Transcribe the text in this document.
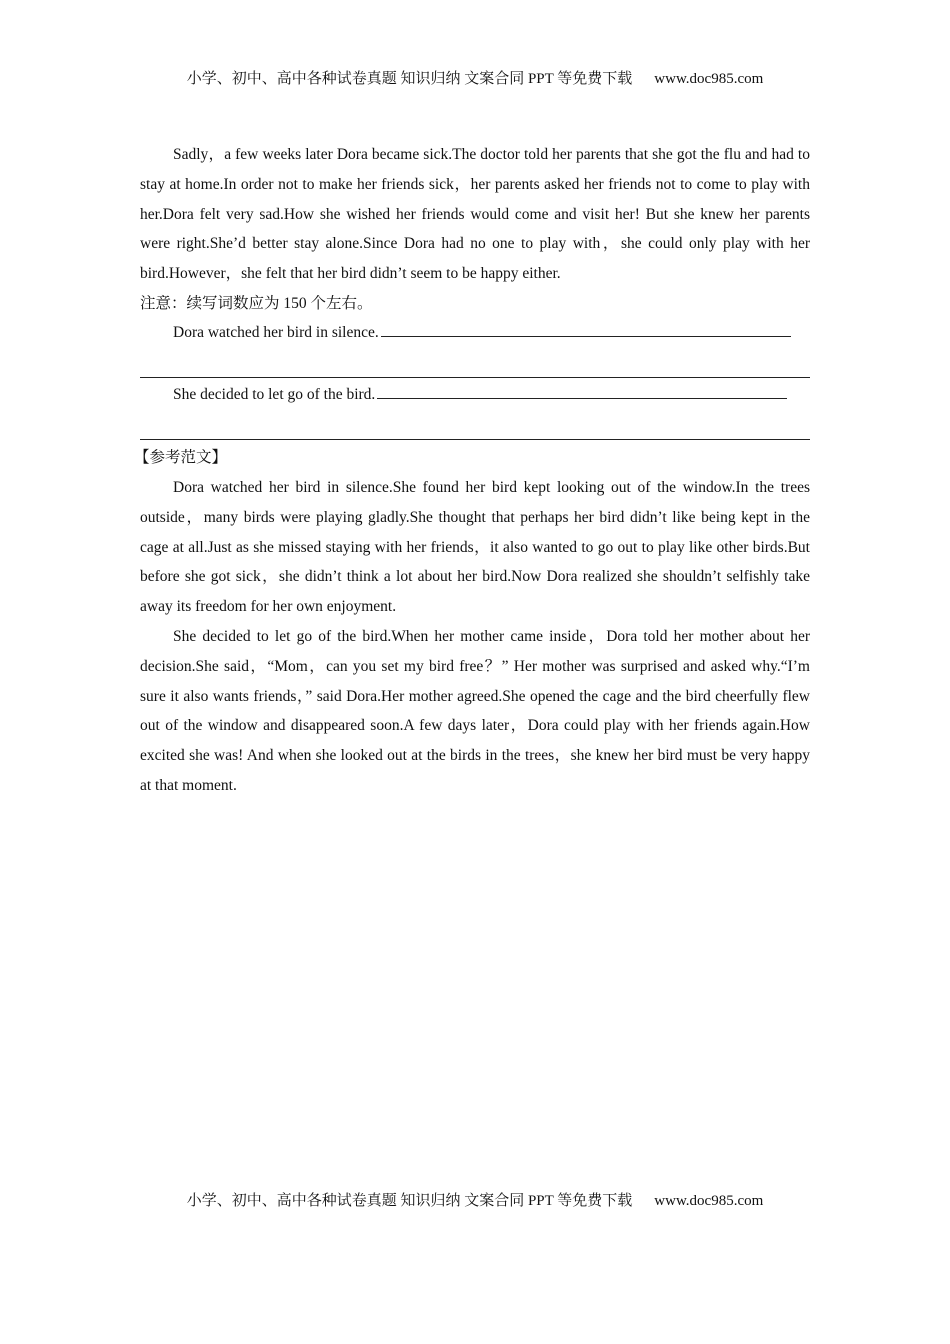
小学、初中、高中各种试卷真题 知识归纳 文案合同 PPT 等免费下载 www.doc985.com

Sadly，a few weeks later Dora became sick.The doctor told her parents that she got the flu and had to stay at home.In order not to make her friends sick，her parents asked her friends not to come to play with her.Dora felt very sad.How she wished her friends would come and visit her! But she knew her parents were right.She’d better stay alone.Since Dora had no one to play with，she could only play with her bird.However，she felt that her bird didn’t seem to be happy either.

注意：续写词数应为 150 个左右。

Dora watched her bird in silence.

She decided to let go of the bird.

【参考范文】

Dora watched her bird in silence.She found her bird kept looking out of the window.In the trees outside，many birds were playing gladly.She thought that perhaps her bird didn’t like being kept in the cage at all.Just as she missed staying with her friends，it also wanted to go out to play like other birds.But before she got sick，she didn’t think a lot about her bird.Now Dora realized she shouldn’t selfishly take away its freedom for her own enjoyment.

She decided to let go of the bird.When her mother came inside，Dora told her mother about her decision.She said，“Mom，can you set my bird free？” Her mother was surprised and asked why.“I’m sure it also wants friends，” said Dora.Her mother agreed.She opened the cage and the bird cheerfully flew out of the window and disappeared soon.A few days later，Dora could play with her friends again.How excited she was! And when she looked out at the birds in the trees，she knew her bird must be very happy at that moment.

小学、初中、高中各种试卷真题 知识归纳 文案合同 PPT 等免费下载 www.doc985.com
